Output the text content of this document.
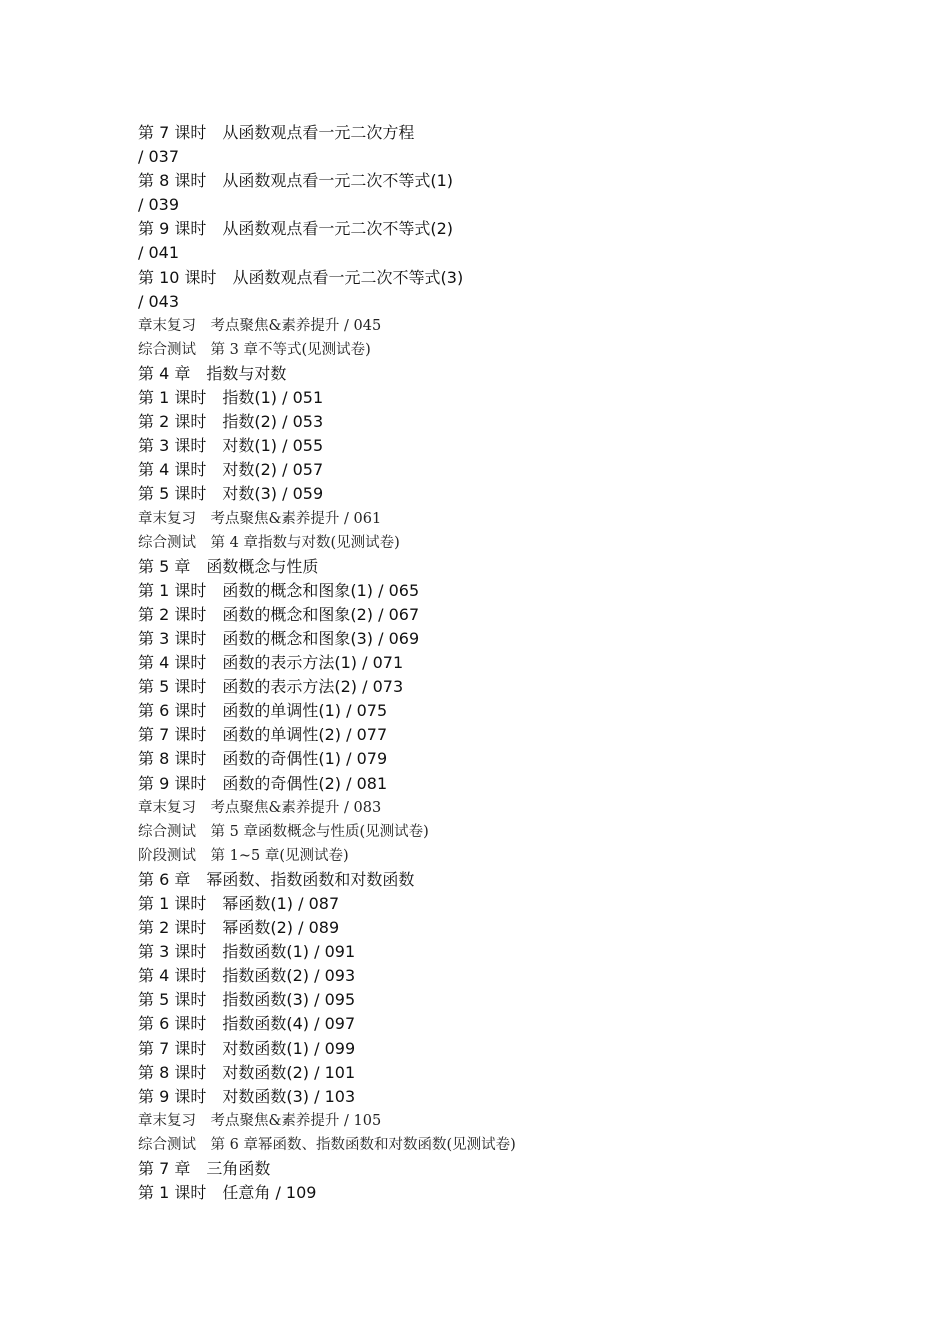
第 7 课时　从函数观点看一元二次方程
/ 037
第 8 课时　从函数观点看一元二次不等式(1)
/ 039
第 9 课时　从函数观点看一元二次不等式(2)
/ 041
第 10 课时　从函数观点看一元二次不等式(3)
/ 043
章末复习　考点聚焦&素养提升 / 045
综合测试　第 3 章不等式(见测试卷)
第 4 章　指数与对数
第 1 课时　指数(1) / 051
第 2 课时　指数(2) / 053
第 3 课时　对数(1) / 055
第 4 课时　对数(2) / 057
第 5 课时　对数(3) / 059
章末复习　考点聚焦&素养提升 / 061
综合测试　第 4 章指数与对数(见测试卷)
第 5 章　函数概念与性质
第 1 课时　函数的概念和图象(1) / 065
第 2 课时　函数的概念和图象(2) / 067
第 3 课时　函数的概念和图象(3) / 069
第 4 课时　函数的表示方法(1) / 071
第 5 课时　函数的表示方法(2) / 073
第 6 课时　函数的单调性(1) / 075
第 7 课时　函数的单调性(2) / 077
第 8 课时　函数的奇偶性(1) / 079
第 9 课时　函数的奇偶性(2) / 081
章末复习　考点聚焦&素养提升 / 083
综合测试　第 5 章函数概念与性质(见测试卷)
阶段测试　第 1~5 章(见测试卷)
第 6 章　幂函数、指数函数和对数函数
第 1 课时　幂函数(1) / 087
第 2 课时　幂函数(2) / 089
第 3 课时　指数函数(1) / 091
第 4 课时　指数函数(2) / 093
第 5 课时　指数函数(3) / 095
第 6 课时　指数函数(4) / 097
第 7 课时　对数函数(1) / 099
第 8 课时　对数函数(2) / 101
第 9 课时　对数函数(3) / 103
章末复习　考点聚焦&素养提升 / 105
综合测试　第 6 章幂函数、指数函数和对数函数(见测试卷)
第 7 章　三角函数
第 1 课时　任意角 / 109
